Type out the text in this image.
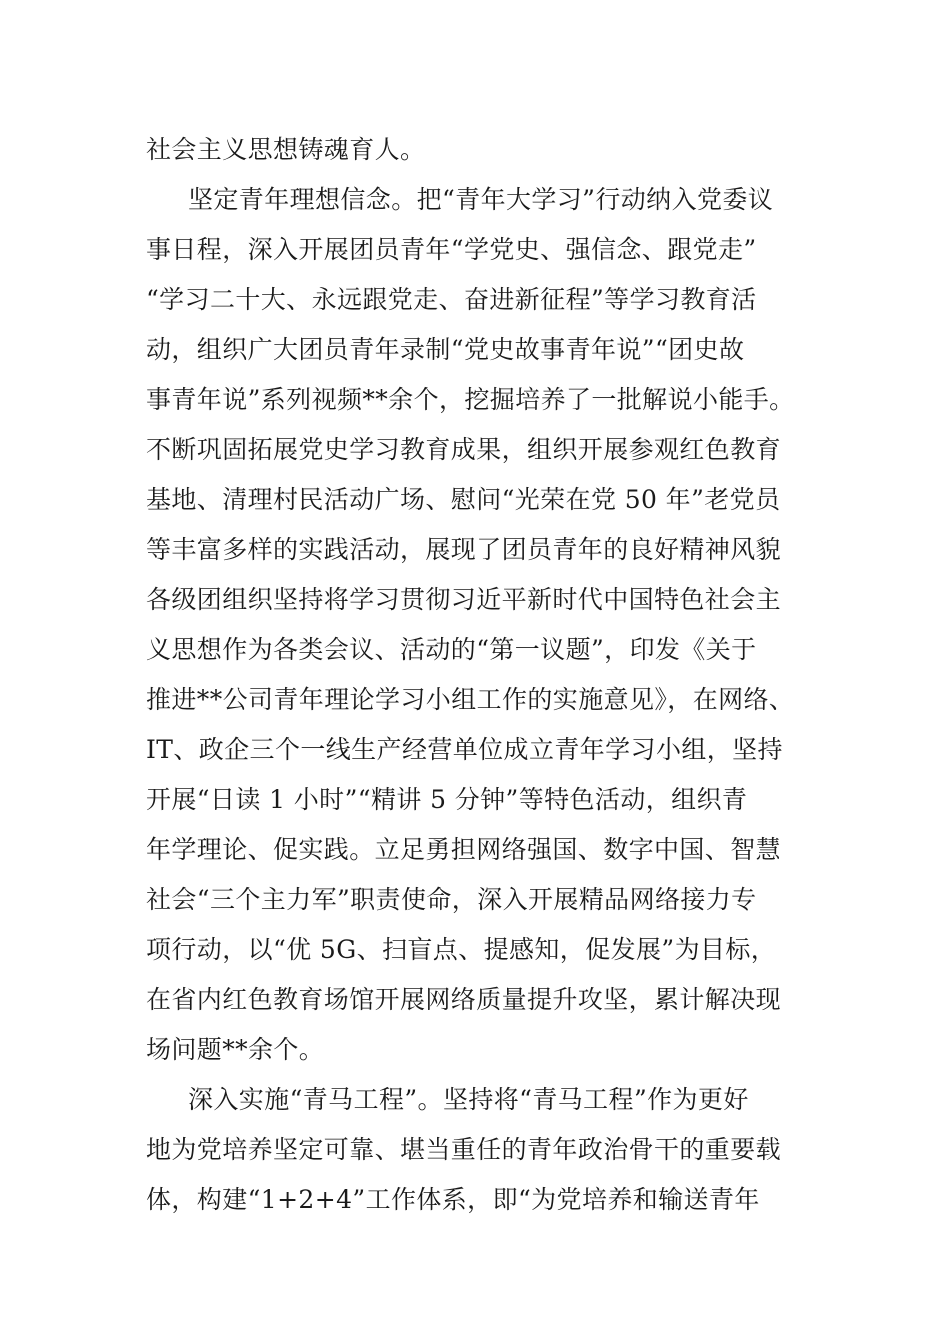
社会主义思想铸魂育人。
坚定青年理想信念。把“青年大学习”行动纳入党委议
事日程，深入开展团员青年“学党史、强信念、跟党走”
“学习二十大、永远跟党走、奋进新征程”等学习教育活
动，组织广大团员青年录制“党史故事青年说”“团史故
事青年说”系列视频**余个，挖掘培养了一批解说小能手。
不断巩固拓展党史学习教育成果，组织开展参观红色教育
基地、清理村民活动广场、慰问“光荣在党 50 年”老党员
等丰富多样的实践活动，展现了团员青年的良好精神风貌
各级团组织坚持将学习贯彻习近平新时代中国特色社会主
义思想作为各类会议、活动的“第一议题”，印发《关于
推进**公司青年理论学习小组工作的实施意见》，在网络、
IT、政企三个一线生产经营单位成立青年学习小组，坚持
开展“日读 1 小时”“精讲 5 分钟”等特色活动，组织青
年学理论、促实践。立足勇担网络强国、数字中国、智慧
社会“三个主力军”职责使命，深入开展精品网络接力专
项行动，以“优 5G、扫盲点、提感知，促发展”为目标，
在省内红色教育场馆开展网络质量提升攻坚，累计解决现
场问题**余个。
深入实施“青马工程”。坚持将“青马工程”作为更好
地为党培养坚定可靠、堪当重任的青年政治骨干的重要载
体，构建“1+2+4”工作体系，即“为党培养和输送青年
